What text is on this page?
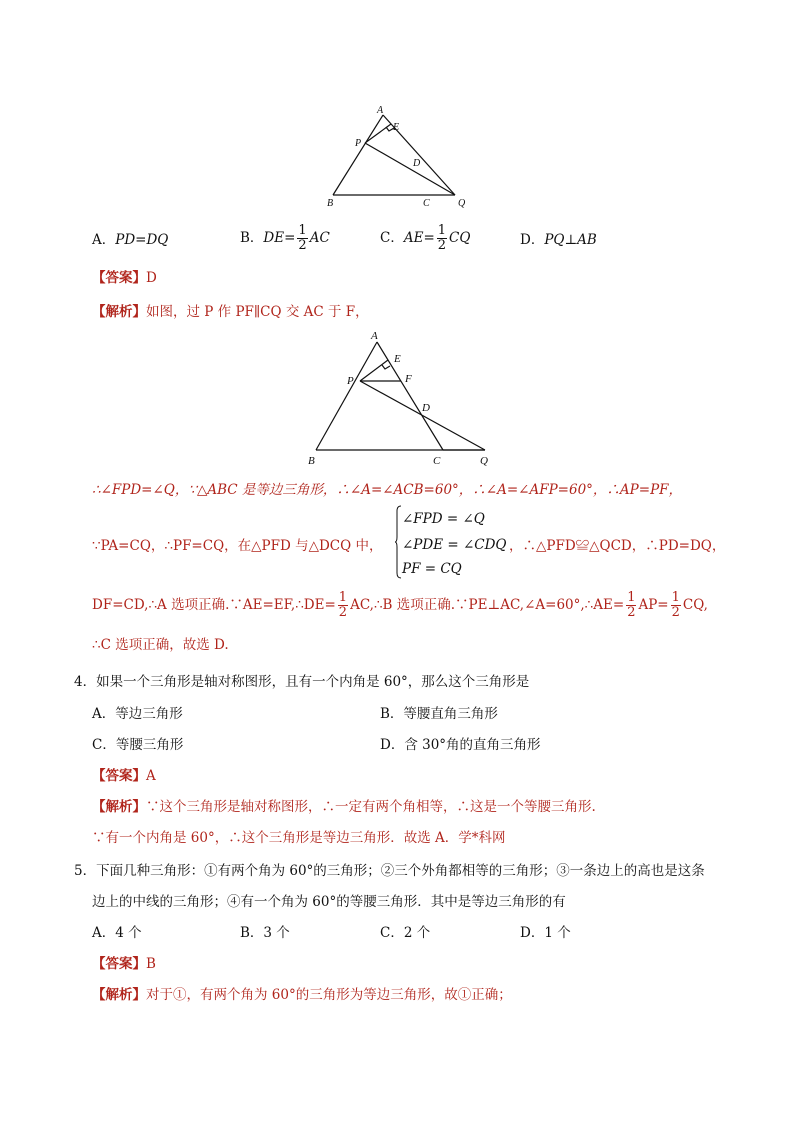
A
E
P
D
B	C	Q
A．PD=DQ	B．$DE= \frac{1}{2}$ AC	C．$AE= \frac{1}{2}$ CQ	D．PQ⊥AB
【答案】D
【解析】如图，过 P 作 PF∥CQ 交 AC 于 F，
A
E
F
P
D
B	C	Q
∴∠FPD=∠Q，∵△ABC 是等边三角形，∴∠A=∠ACB=60°，∴∠A=∠AFP=60°，∴AP=PF，
∵PA=CQ，∴PF=CQ，在△PFD 与△DCQ 中，
∠FPD = ∠Q
∠PDE = ∠CDQ
PF = CQ
，∴△PFD≌△QCD，∴PD=DQ，
DF=CD,∴A 选项正确.∵AE=EF,∴DE= $\frac{1}{2}$ AC,∴B 选项正确.∵PE⊥AC,∠A=60°,∴AE= $\frac{1}{2} AP= \frac{1}{2}$ CQ,
∴C 选项正确，故选 D.
4．如果一个三角形是轴对称图形，且有一个内角是 60°，那么这个三角形是
A．等边三角形	B．等腰直角三角形
C．等腰三角形	D．含 30°角的直角三角形
【答案】A
【解析】∵这个三角形是轴对称图形，∴一定有两个角相等，∴这是一个等腰三角形.
∵有一个内角是 60°，∴这个三角形是等边三角形．故选 A．学*科网
5．下面几种三角形：①有两个角为 60°的三角形；②三个外角都相等的三角形；③一条边上的高也是这条
边上的中线的三角形；④有一个角为 60°的等腰三角形．其中是等边三角形的有
A．4 个	B．3 个	C．2 个	D．1 个
【答案】B
【解析】对于①，有两个角为 60°的三角形为等边三角形，故①正确；
